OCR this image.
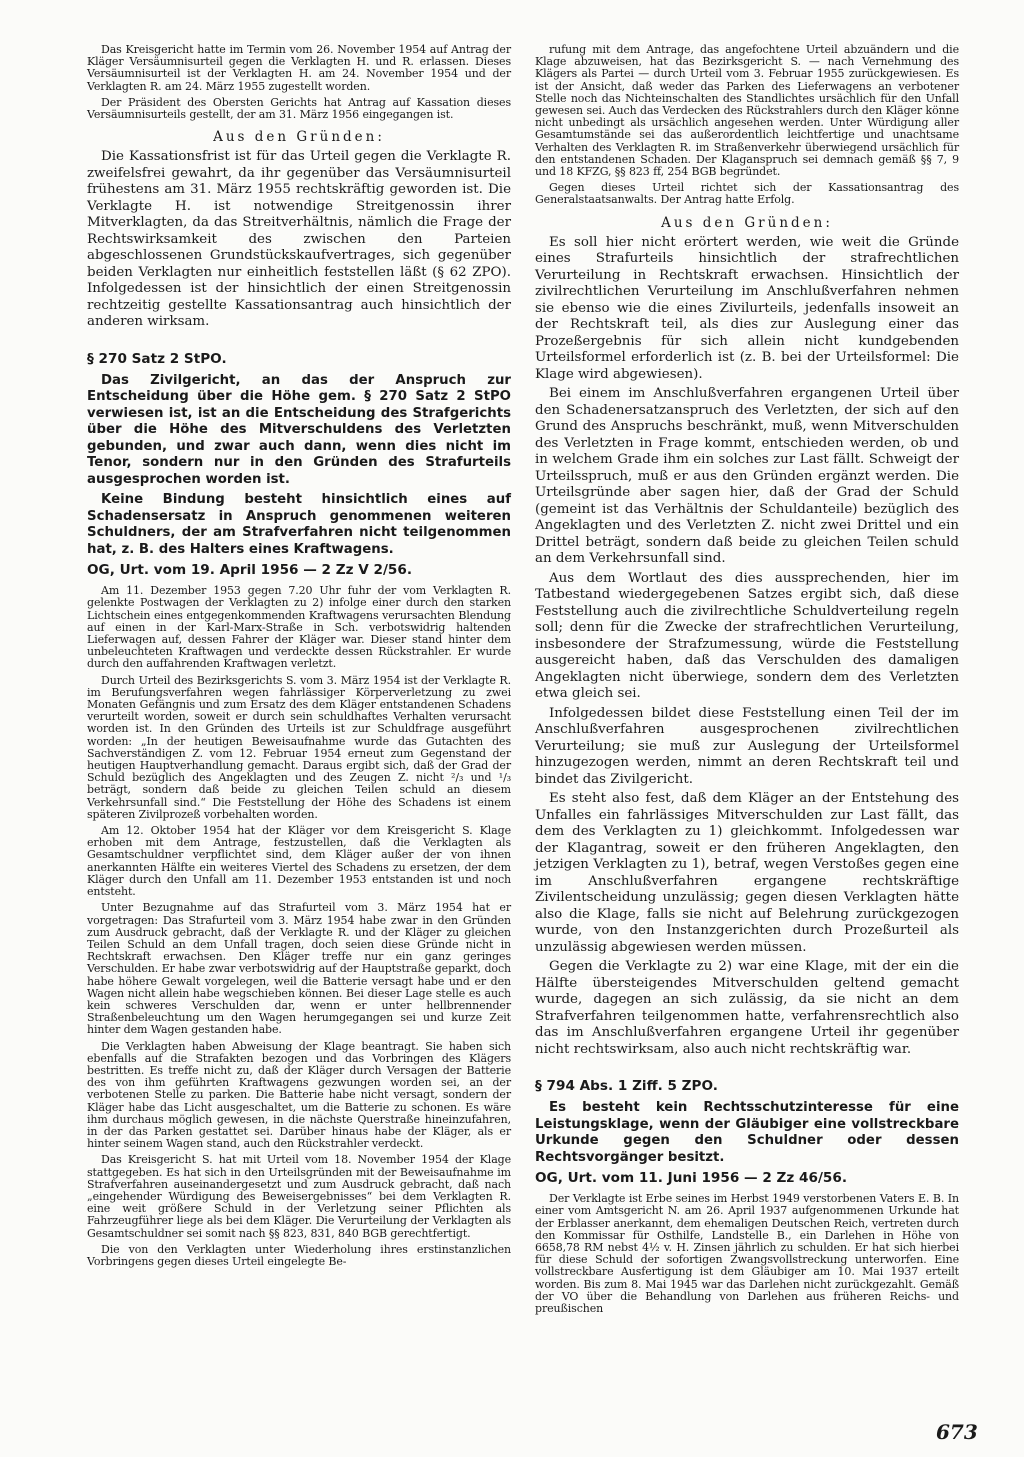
Das Kreisgericht hatte im Termin vom 26. November 1954 auf Antrag der Kläger Versäumnisurteil gegen die Verklagten H. und R. erlassen. Dieses Versäumnisurteil ist der Verklagten H. am 24. November 1954 und der Verklagten R. am 24. März 1955 zugestellt worden.

Der Präsident des Obersten Gerichts hat Antrag auf Kassation dieses Versäumnisurteils gestellt, der am 31. März 1956 eingegangen ist.

Aus den Gründen:

Die Kassationsfrist ist für das Urteil gegen die Verklagte R. zweifelsfrei gewahrt, da ihr gegenüber das Versäumnisurteil frühestens am 31. März 1955 rechtskräftig geworden ist. Die Verklagte H. ist notwendige Streitgenossin ihrer Mitverklagten, da das Streitverhältnis, nämlich die Frage der Rechtswirksamkeit des zwischen den Parteien abgeschlossenen Grundstückskaufvertrages, sich gegenüber beiden Verklagten nur einheitlich feststellen läßt (§ 62 ZPO). Infolgedessen ist der hinsichtlich der einen Streitgenossin rechtzeitig gestellte Kassationsantrag auch hinsichtlich der anderen wirksam.

§ 270 Satz 2 StPO.

Das Zivilgericht, an das der Anspruch zur Entscheidung über die Höhe gem. § 270 Satz 2 StPO verwiesen ist, ist an die Entscheidung des Strafgerichts über die Höhe des Mitverschuldens des Verletzten gebunden, und zwar auch dann, wenn dies nicht im Tenor, sondern nur in den Gründen des Strafurteils ausgesprochen worden ist.

Keine Bindung besteht hinsichtlich eines auf Schadensersatz in Anspruch genommenen weiteren Schuldners, der am Strafverfahren nicht teilgenommen hat, z. B. des Halters eines Kraftwagens.

OG, Urt. vom 19. April 1956 — 2 Zz V 2/56.

Am 11. Dezember 1953 gegen 7.20 Uhr fuhr der vom Verklagten R. gelenkte Postwagen der Verklagten zu 2) infolge einer durch den starken Lichtschein eines entgegenkommenden Kraftwagens verursachten Blendung auf einen in der Karl-Marx-Straße in Sch. verbotswidrig haltenden Lieferwagen auf, dessen Fahrer der Kläger war. Dieser stand hinter dem unbeleuchteten Kraftwagen und verdeckte dessen Rückstrahler. Er wurde durch den auffahrenden Kraftwagen verletzt.

Durch Urteil des Bezirksgerichts S. vom 3. März 1954 ist der Verklagte R. im Berufungsverfahren wegen fahrlässiger Körperverletzung zu zwei Monaten Gefängnis und zum Ersatz des dem Kläger entstandenen Schadens verurteilt worden, soweit er durch sein schuldhaftes Verhalten verursacht worden ist. In den Gründen des Urteils ist zur Schuldfrage ausgeführt worden: „In der heutigen Beweisaufnahme wurde das Gutachten des Sachverständigen Z. vom 12. Februar 1954 erneut zum Gegenstand der heutigen Hauptverhandlung gemacht. Daraus ergibt sich, daß der Grad der Schuld bezüglich des Angeklagten und des Zeugen Z. nicht ²/₃ und ¹/₃ beträgt, sondern daß beide zu gleichen Teilen schuld an diesem Verkehrsunfall sind.“ Die Feststellung der Höhe des Schadens ist einem späteren Zivilprozeß vorbehalten worden.

Am 12. Oktober 1954 hat der Kläger vor dem Kreisgericht S. Klage erhoben mit dem Antrage, festzustellen, daß die Verklagten als Gesamtschuldner verpflichtet sind, dem Kläger außer der von ihnen anerkannten Hälfte ein weiteres Viertel des Schadens zu ersetzen, der dem Kläger durch den Unfall am 11. Dezember 1953 entstanden ist und noch entsteht.

Unter Bezugnahme auf das Strafurteil vom 3. März 1954 hat er vorgetragen: Das Strafurteil vom 3. März 1954 habe zwar in den Gründen zum Ausdruck gebracht, daß der Verklagte R. und der Kläger zu gleichen Teilen Schuld an dem Unfall tragen, doch seien diese Gründe nicht in Rechtskraft erwachsen. Den Kläger treffe nur ein ganz geringes Verschulden. Er habe zwar verbotswidrig auf der Hauptstraße geparkt, doch habe höhere Gewalt vorgelegen, weil die Batterie versagt habe und er den Wagen nicht allein habe wegschieben können. Bei dieser Lage stelle es auch kein schweres Verschulden dar, wenn er unter hellbrennender Straßenbeleuchtung um den Wagen herumgegangen sei und kurze Zeit hinter dem Wagen gestanden habe.

Die Verklagten haben Abweisung der Klage beantragt. Sie haben sich ebenfalls auf die Strafakten bezogen und das Vorbringen des Klägers bestritten. Es treffe nicht zu, daß der Kläger durch Versagen der Batterie des von ihm geführten Kraftwagens gezwungen worden sei, an der verbotenen Stelle zu parken. Die Batterie habe nicht versagt, sondern der Kläger habe das Licht ausgeschaltet, um die Batterie zu schonen. Es wäre ihm durchaus möglich gewesen, in die nächste Querstraße hineinzufahren, in der das Parken gestattet sei. Darüber hinaus habe der Kläger, als er hinter seinem Wagen stand, auch den Rückstrahler verdeckt.

Das Kreisgericht S. hat mit Urteil vom 18. November 1954 der Klage stattgegeben. Es hat sich in den Urteilsgründen mit der Beweisaufnahme im Strafverfahren auseinandergesetzt und zum Ausdruck gebracht, daß nach „eingehender Würdigung des Beweisergebnisses“ bei dem Verklagten R. eine weit größere Schuld in der Verletzung seiner Pflichten als Fahrzeugführer liege als bei dem Kläger. Die Verurteilung der Verklagten als Gesamtschuldner sei somit nach §§ 823, 831, 840 BGB gerechtfertigt.

Die von den Verklagten unter Wiederholung ihres erstinstanzlichen Vorbringens gegen dieses Urteil eingelegte Be-

rufung mit dem Antrage, das angefochtene Urteil abzuändern und die Klage abzuweisen, hat das Bezirksgericht S. — nach Vernehmung des Klägers als Partei — durch Urteil vom 3. Februar 1955 zurückgewiesen. Es ist der Ansicht, daß weder das Parken des Lieferwagens an verbotener Stelle noch das Nichteinschalten des Standlichtes ursächlich für den Unfall gewesen sei. Auch das Verdecken des Rückstrahlers durch den Kläger könne nicht unbedingt als ursächlich angesehen werden. Unter Würdigung aller Gesamtumstände sei das außerordentlich leichtfertige und unachtsame Verhalten des Verklagten R. im Straßenverkehr überwiegend ursächlich für den entstandenen Schaden. Der Klaganspruch sei demnach gemäß §§ 7, 9 und 18 KFZG, §§ 823 ff, 254 BGB begründet.

Gegen dieses Urteil richtet sich der Kassationsantrag des Generalstaatsanwalts. Der Antrag hatte Erfolg.

Aus den Gründen:

Es soll hier nicht erörtert werden, wie weit die Gründe eines Strafurteils hinsichtlich der strafrechtlichen Verurteilung in Rechtskraft erwachsen. Hinsichtlich der zivilrechtlichen Verurteilung im Anschlußverfahren nehmen sie ebenso wie die eines Zivilurteils, jedenfalls insoweit an der Rechtskraft teil, als dies zur Auslegung einer das Prozeßergebnis für sich allein nicht kundgebenden Urteilsformel erforderlich ist (z. B. bei der Urteilsformel: Die Klage wird abgewiesen).

Bei einem im Anschlußverfahren ergangenen Urteil über den Schadenersatzanspruch des Verletzten, der sich auf den Grund des Anspruchs beschränkt, muß, wenn Mitverschulden des Verletzten in Frage kommt, entschieden werden, ob und in welchem Grade ihm ein solches zur Last fällt. Schweigt der Urteilsspruch, muß er aus den Gründen ergänzt werden. Die Urteilsgründe aber sagen hier, daß der Grad der Schuld (gemeint ist das Verhältnis der Schuldanteile) bezüglich des Angeklagten und des Verletzten Z. nicht zwei Drittel und ein Drittel beträgt, sondern daß beide zu gleichen Teilen schuld an dem Verkehrsunfall sind.

Aus dem Wortlaut des dies aussprechenden, hier im Tatbestand wiedergegebenen Satzes ergibt sich, daß diese Feststellung auch die zivilrechtliche Schuldverteilung regeln soll; denn für die Zwecke der strafrechtlichen Verurteilung, insbesondere der Strafzumessung, würde die Feststellung ausgereicht haben, daß das Verschulden des damaligen Angeklagten nicht überwiege, sondern dem des Verletzten etwa gleich sei.

Infolgedessen bildet diese Feststellung einen Teil der im Anschlußverfahren ausgesprochenen zivilrechtlichen Verurteilung; sie muß zur Auslegung der Urteilsformel hinzugezogen werden, nimmt an deren Rechtskraft teil und bindet das Zivilgericht.

Es steht also fest, daß dem Kläger an der Entstehung des Unfalles ein fahrlässiges Mitverschulden zur Last fällt, das dem des Verklagten zu 1) gleichkommt. Infolgedessen war der Klagantrag, soweit er den früheren Angeklagten, den jetzigen Verklagten zu 1), betraf, wegen Verstoßes gegen eine im Anschlußverfahren ergangene rechtskräftige Zivilentscheidung unzulässig; gegen diesen Verklagten hätte also die Klage, falls sie nicht auf Belehrung zurückgezogen wurde, von den Instanzgerichten durch Prozeßurteil als unzulässig abgewiesen werden müssen.

Gegen die Verklagte zu 2) war eine Klage, mit der ein die Hälfte übersteigendes Mitverschulden geltend gemacht wurde, dagegen an sich zulässig, da sie nicht an dem Strafverfahren teilgenommen hatte, verfahrensrechtlich also das im Anschlußverfahren ergangene Urteil ihr gegenüber nicht rechtswirksam, also auch nicht rechtskräftig war.

§ 794 Abs. 1 Ziff. 5 ZPO.

Es besteht kein Rechtsschutzinteresse für eine Leistungsklage, wenn der Gläubiger eine vollstreckbare Urkunde gegen den Schuldner oder dessen Rechtsvorgänger besitzt.

OG, Urt. vom 11. Juni 1956 — 2 Zz 46/56.

Der Verklagte ist Erbe seines im Herbst 1949 verstorbenen Vaters E. B. In einer vom Amtsgericht N. am 26. April 1937 aufgenommenen Urkunde hat der Erblasser anerkannt, dem ehemaligen Deutschen Reich, vertreten durch den Kommissar für Osthilfe, Landstelle B., ein Darlehen in Höhe von 6658,78 RM nebst 4½ v. H. Zinsen jährlich zu schulden. Er hat sich hierbei für diese Schuld der sofortigen Zwangsvollstreckung unterworfen. Eine vollstreckbare Ausfertigung ist dem Gläubiger am 10. Mai 1937 erteilt worden. Bis zum 8. Mai 1945 war das Darlehen nicht zurückgezahlt. Gemäß der VO über die Behandlung von Darlehen aus früheren Reichs- und preußischen

673
